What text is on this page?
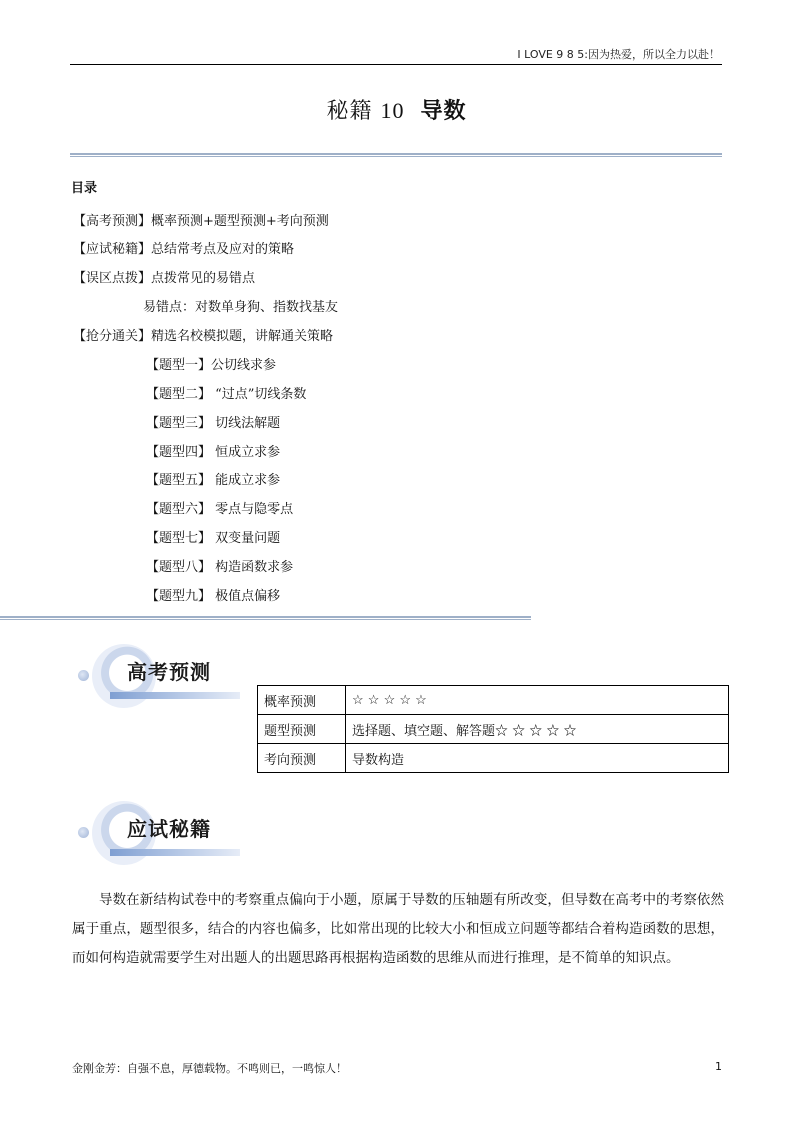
I LOVE 9 8 5:因为热爱，所以全力以赴！
秘籍 10 导数
目录
【高考预测】概率预测+题型预测+考向预测
【应试秘籍】总结常考点及应对的策略
【误区点拨】点拨常见的易错点
易错点：对数单身狗、指数找基友
【抢分通关】精选名校模拟题，讲解通关策略
【题型一】公切线求参
【题型二】 “过点”切线条数
【题型三】 切线法解题
【题型四】 恒成立求参
【题型五】 能成立求参
【题型六】 零点与隐零点
【题型七】 双变量问题
【题型八】 构造函数求参
【题型九】 极值点偏移
高考预测
概率预测	☆ ☆ ☆ ☆ ☆
题型预测	选择题、填空题、解答题☆ ☆ ☆ ☆ ☆
考向预测	导数构造
应试秘籍
导数在新结构试卷中的考察重点偏向于小题，原属于导数的压轴题有所改变，但导数在高考中的考察依然属于重点，题型很多，结合的内容也偏多，比如常出现的比较大小和恒成立问题等都结合着构造函数的思想，而如何构造就需要学生对出题人的出题思路再根据构造函数的思维从而进行推理，是不简单的知识点。
金刚金芳：自强不息，厚德载物。不鸣则已，一鸣惊人！	1
